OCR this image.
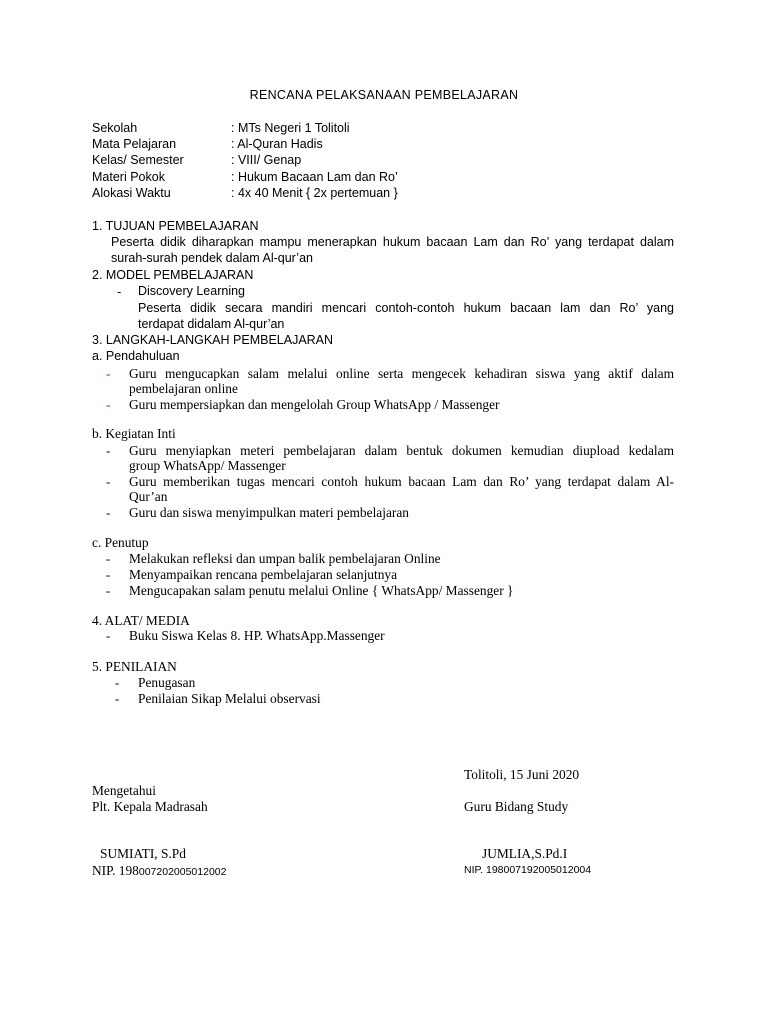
RENCANA PELAKSANAAN PEMBELAJARAN
Sekolah	: MTs Negeri 1 Tolitoli
Mata Pelajaran	: Al-Quran Hadis
Kelas/ Semester	: VIII/ Genap
Materi Pokok	: Hukum Bacaan Lam dan Ro’
Alokasi Waktu	: 4x 40 Menit { 2x pertemuan }
1. TUJUAN PEMBELAJARAN
Peserta didik diharapkan mampu menerapkan hukum bacaan Lam dan Ro’ yang terdapat dalam
surah-surah pendek dalam Al-qur’an
2. MODEL PEMBELAJARAN
- Discovery Learning
Peserta didik secara mandiri mencari contoh-contoh hukum bacaan lam dan Ro’ yang
terdapat didalam Al-qur’an
3. LANGKAH-LANGKAH PEMBELAJARAN
a. Pendahuluan
- Guru mengucapkan salam melalui online serta mengecek kehadiran siswa yang aktif dalam
pembelajaran online
- Guru mempersiapkan dan mengelolah Group WhatsApp / Massenger
b. Kegiatan Inti
- Guru menyiapkan meteri pembelajaran dalam bentuk dokumen kemudian diupload kedalam
group WhatsApp/ Massenger
- Guru memberikan tugas mencari contoh hukum bacaan Lam dan Ro’ yang terdapat dalam Al-
Qur’an
- Guru dan siswa menyimpulkan materi pembelajaran
c. Penutup
- Melakukan refleksi dan umpan balik pembelajaran Online
- Menyampaikan rencana pembelajaran selanjutnya
- Mengucapakan salam penutu melalui Online { WhatsApp/ Massenger }
4. ALAT/ MEDIA
- Buku Siswa Kelas 8. HP. WhatsApp.Massenger
5. PENILAIAN
- Penugasan
- Penilaian Sikap Melalui observasi
Tolitoli, 15 Juni 2020
Mengetahui
Plt. Kepala Madrasah	Guru Bidang Study
SUMIATI, S.Pd	JUMLIA,S.Pd.I
NIP. 198007202005012002	NIP. 198007192005012004
